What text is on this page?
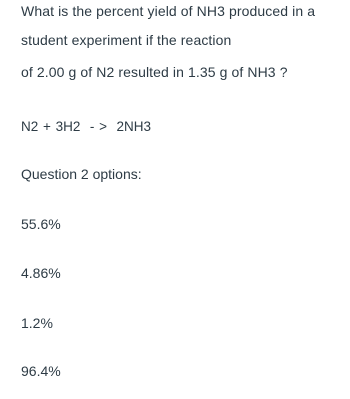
What is the percent yield of NH3 produced in a
student experiment if the reaction
of 2.00 g of N2 resulted in 1.35 g of NH3 ?
N2 + 3H2  - >  2NH3
Question 2 options:
55.6%
4.86%
1.2%
96.4%
